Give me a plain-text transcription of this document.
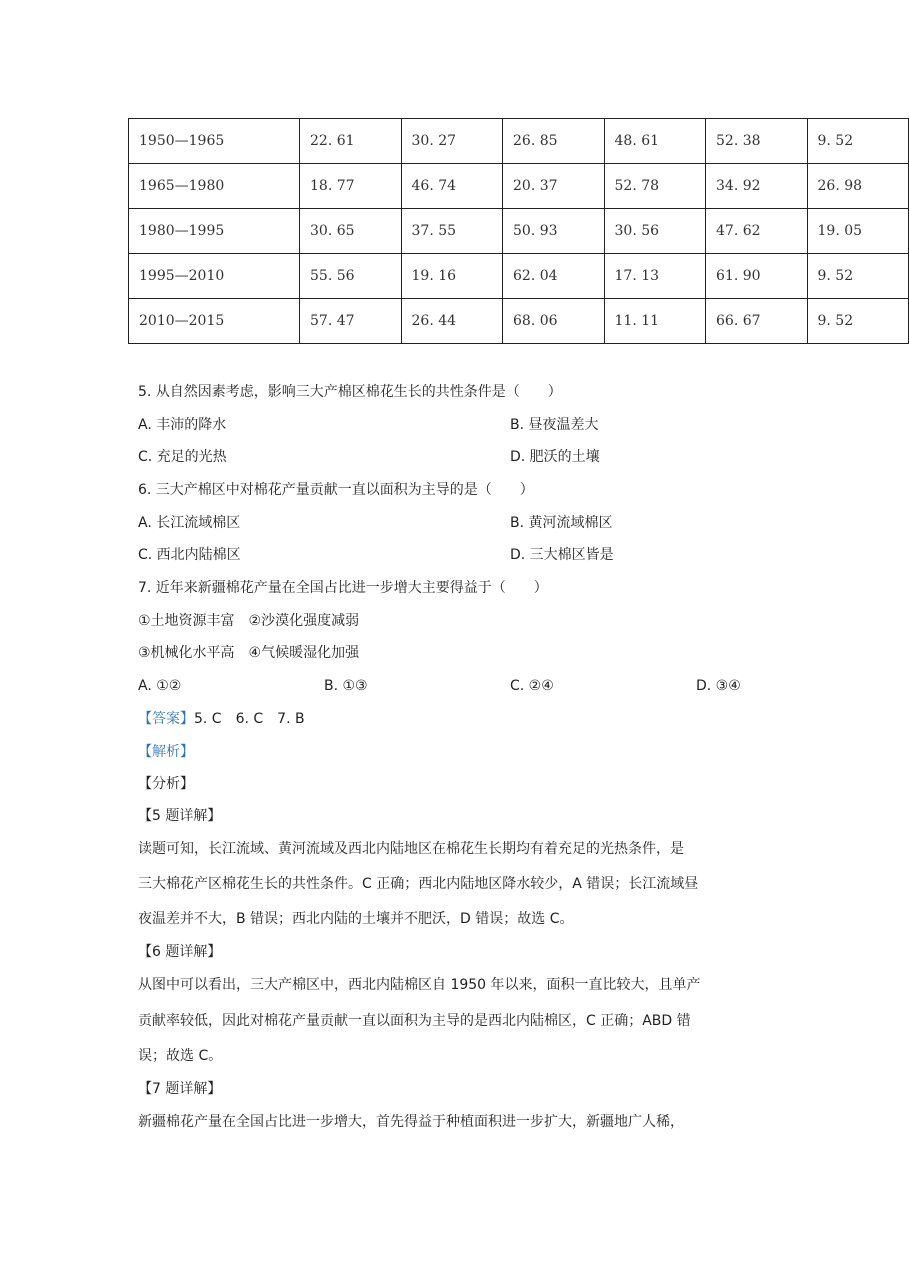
1950—1965	22. 61	30. 27	26. 85	48. 61	52. 38	9. 52
1965—1980	18. 77	46. 74	20. 37	52. 78	34. 92	26. 98
1980—1995	30. 65	37. 55	50. 93	30. 56	47. 62	19. 05
1995—2010	55. 56	19. 16	62. 04	17. 13	61. 90	9. 52
2010—2015	57. 47	26. 44	68. 06	11. 11	66. 67	9. 52
5. 从自然因素考虑，影响三大产棉区棉花生长的共性条件是（　　）
A. 丰沛的降水	B. 昼夜温差大
C. 充足的光热	D. 肥沃的土壤
6. 三大产棉区中对棉花产量贡献一直以面积为主导的是（　　）
A. 长江流域棉区	B. 黄河流域棉区
C. 西北内陆棉区	D. 三大棉区皆是
7. 近年来新疆棉花产量在全国占比进一步增大主要得益于（　　）
①土地资源丰富　②沙漠化强度减弱
③机械化水平高　④气候暖湿化加强
A. ①②	B. ①③	C. ②④	D. ③④
【答案】5. C　6. C　7. B
【解析】
【分析】
【5 题详解】
读题可知，长江流域、黄河流域及西北内陆地区在棉花生长期均有着充足的光热条件，是
三大棉花产区棉花生长的共性条件。C 正确；西北内陆地区降水较少，A 错误；长江流域昼
夜温差并不大，B 错误；西北内陆的土壤并不肥沃，D 错误；故选 C。
【6 题详解】
从图中可以看出，三大产棉区中，西北内陆棉区自 1950 年以来，面积一直比较大，且单产
贡献率较低，因此对棉花产量贡献一直以面积为主导的是西北内陆棉区，C 正确；ABD 错
误；故选 C。
【7 题详解】
新疆棉花产量在全国占比进一步增大，首先得益于种植面积进一步扩大，新疆地广人稀，
